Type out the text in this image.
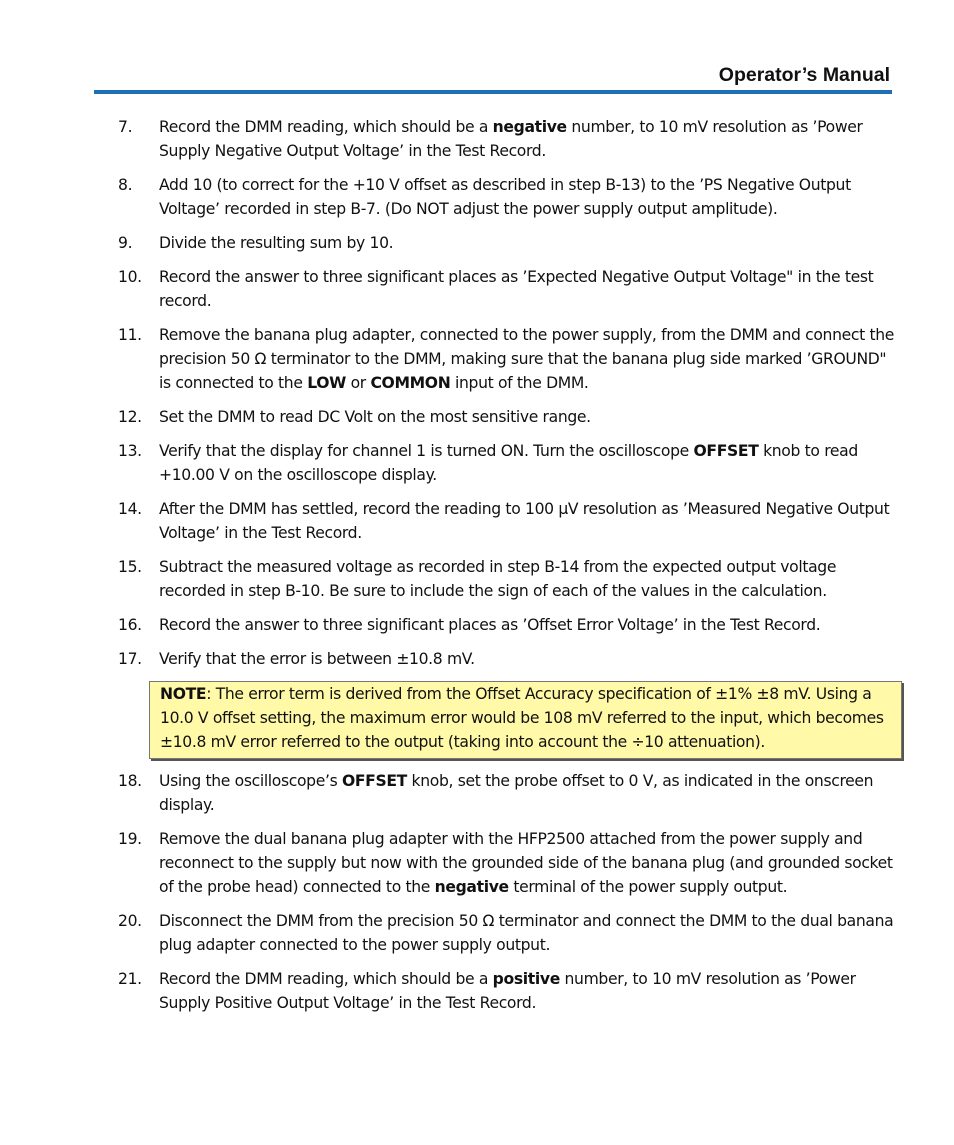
Operator’s Manual
7.	Record the DMM reading, which should be a negative number, to 10 mV resolution as ’Power Supply Negative Output Voltage’ in the Test Record.
8.	Add 10 (to correct for the +10 V offset as described in step B-13) to the ’PS Negative Output Voltage’ recorded in step B-7. (Do NOT adjust the power supply output amplitude).
9.	Divide the resulting sum by 10.
10.	Record the answer to three significant places as ’Expected Negative Output Voltage" in the test record.
11.	Remove the banana plug adapter, connected to the power supply, from the DMM and connect the precision 50 Ω terminator to the DMM, making sure that the banana plug side marked ’GROUND" is connected to the LOW or COMMON input of the DMM.
12.	Set the DMM to read DC Volt on the most sensitive range.
13.	Verify that the display for channel 1 is turned ON. Turn the oscilloscope OFFSET knob to read +10.00 V on the oscilloscope display.
14.	After the DMM has settled, record the reading to 100 µV resolution as ’Measured Negative Output Voltage’ in the Test Record.
15.	Subtract the measured voltage as recorded in step B-14 from the expected output voltage recorded in step B-10. Be sure to include the sign of each of the values in the calculation.
16.	Record the answer to three significant places as ’Offset Error Voltage’ in the Test Record.
17.	Verify that the error is between ±10.8 mV.
NOTE: The error term is derived from the Offset Accuracy specification of ±1% ±8 mV. Using a 10.0 V offset setting, the maximum error would be 108 mV referred to the input, which becomes ±10.8 mV error referred to the output (taking into account the ÷10 attenuation).
18.	Using the oscilloscope’s OFFSET knob, set the probe offset to 0 V, as indicated in the onscreen display.
19.	Remove the dual banana plug adapter with the HFP2500 attached from the power supply and reconnect to the supply but now with the grounded side of the banana plug (and grounded socket of the probe head) connected to the negative terminal of the power supply output.
20.	Disconnect the DMM from the precision 50 Ω terminator and connect the DMM to the dual banana plug adapter connected to the power supply output.
21.	Record the DMM reading, which should be a positive number, to 10 mV resolution as ’Power Supply Positive Output Voltage’ in the Test Record.
